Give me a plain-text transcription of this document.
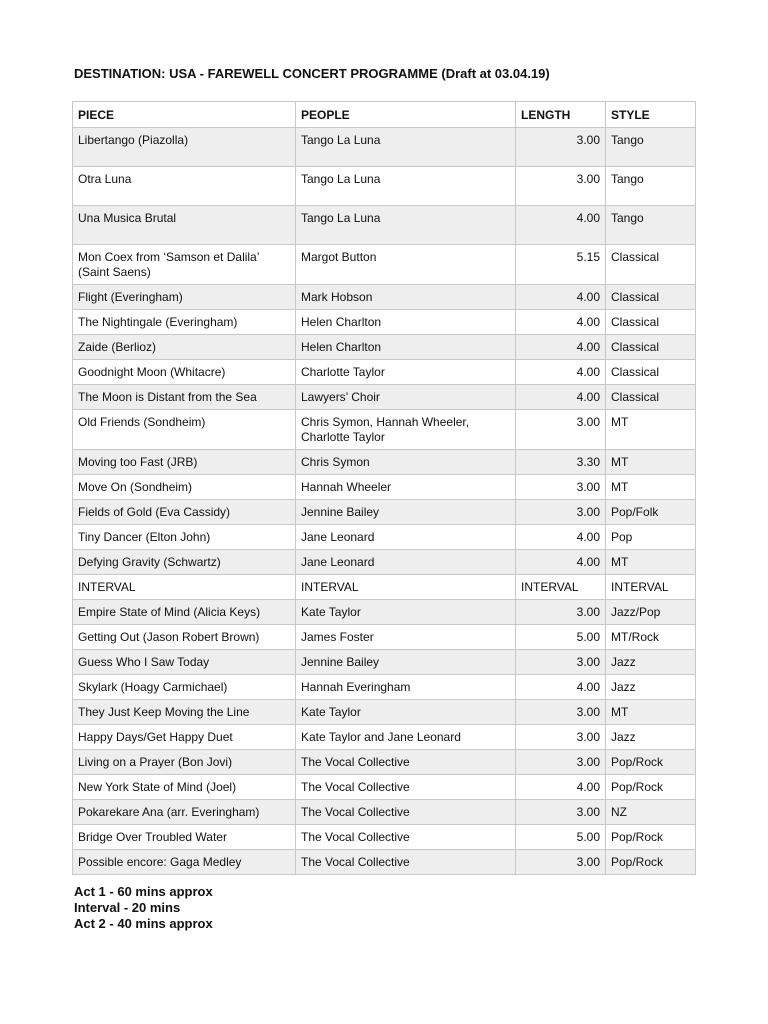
DESTINATION: USA - FAREWELL CONCERT PROGRAMME (Draft at 03.04.19)
PIECE	PEOPLE	LENGTH	STYLE
Libertango (Piazolla)	Tango La Luna	3.00	Tango
Otra Luna	Tango La Luna	3.00	Tango
Una Musica Brutal	Tango La Luna	4.00	Tango
Mon Coex from ‘Samson et Dalila’ (Saint Saens)	Margot Button	5.15	Classical
Flight (Everingham)	Mark Hobson	4.00	Classical
The Nightingale (Everingham)	Helen Charlton	4.00	Classical
Zaide (Berlioz)	Helen Charlton	4.00	Classical
Goodnight Moon (Whitacre)	Charlotte Taylor	4.00	Classical
The Moon is Distant from the Sea	Lawyers’ Choir	4.00	Classical
Old Friends (Sondheim)	Chris Symon, Hannah Wheeler, Charlotte Taylor	3.00	MT
Moving too Fast (JRB)	Chris Symon	3.30	MT
Move On (Sondheim)	Hannah Wheeler	3.00	MT
Fields of Gold (Eva Cassidy)	Jennine Bailey	3.00	Pop/Folk
Tiny Dancer (Elton John)	Jane Leonard	4.00	Pop
Defying Gravity (Schwartz)	Jane Leonard	4.00	MT
INTERVAL	INTERVAL	INTERVAL	INTERVAL
Empire State of Mind (Alicia Keys)	Kate Taylor	3.00	Jazz/Pop
Getting Out (Jason Robert Brown)	James Foster	5.00	MT/Rock
Guess Who I Saw Today	Jennine Bailey	3.00	Jazz
Skylark (Hoagy Carmichael)	Hannah Everingham	4.00	Jazz
They Just Keep Moving the Line	Kate Taylor	3.00	MT
Happy Days/Get Happy Duet	Kate Taylor and Jane Leonard	3.00	Jazz
Living on a Prayer (Bon Jovi)	The Vocal Collective	3.00	Pop/Rock
New York State of Mind (Joel)	The Vocal Collective	4.00	Pop/Rock
Pokarekare Ana (arr. Everingham)	The Vocal Collective	3.00	NZ
Bridge Over Troubled Water	The Vocal Collective	5.00	Pop/Rock
Possible encore: Gaga Medley	The Vocal Collective	3.00	Pop/Rock
Act 1 - 60 mins approx
Interval - 20 mins
Act 2 - 40 mins approx
